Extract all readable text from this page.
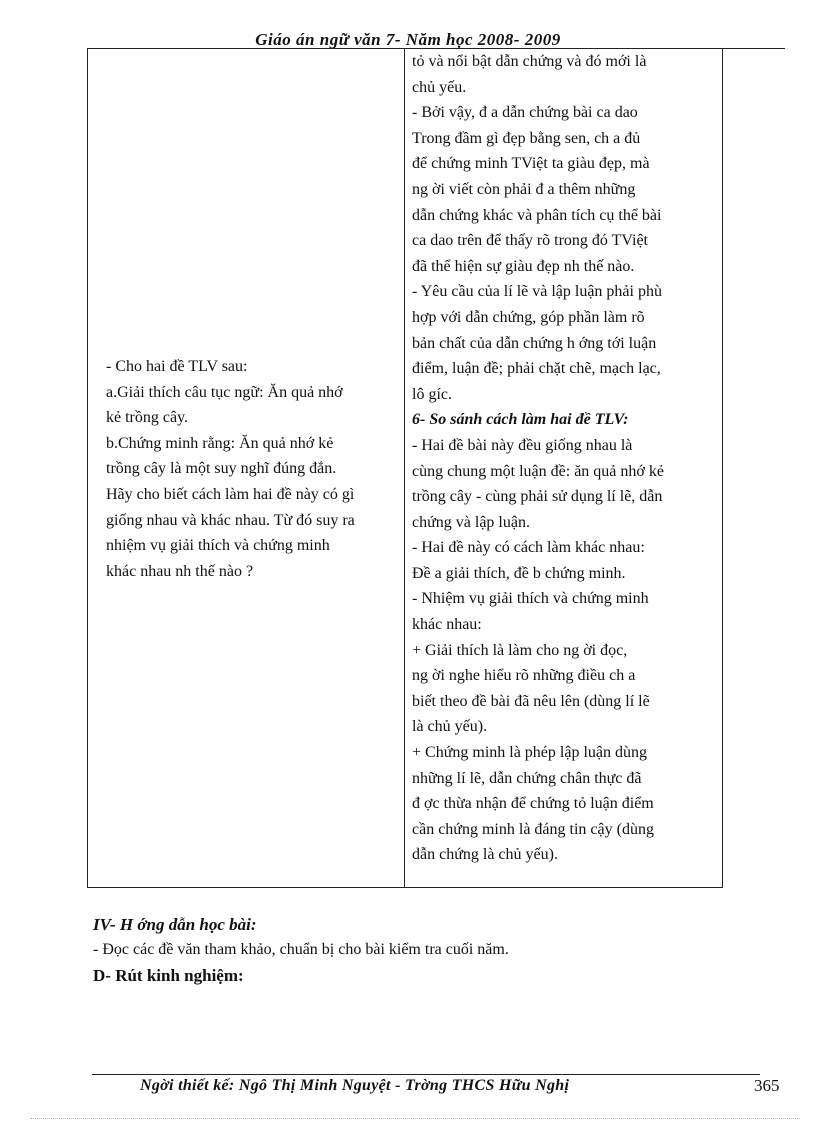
Giáo án ngữ văn 7- Năm học 2008- 2009
- Cho hai đề TLV sau:
a.Giải thích câu tục ngữ: Ăn quả nhớ
kẻ trồng cây.
b.Chứng minh rằng: Ăn quả nhớ kẻ
trồng cây là một suy nghĩ đúng đắn.
Hãy cho biết cách làm hai đề này có gì
giống nhau và khác nhau. Từ đó suy ra
nhiệm vụ giải thích và chứng minh
khác nhau nh thế nào ?
tỏ và nổi bật dẫn chứng và đó mới là
chủ yếu.
- Bởi vậy, đ a dẫn chứng bài ca dao
Trong đầm gì đẹp bằng sen, ch a đủ
để chứng minh TViệt ta giàu đẹp, mà
ng ời viết còn phải đ a thêm những
dẫn chứng khác và phân tích cụ thể bài
ca dao trên để thấy rõ trong đó TViệt
đã thể hiện sự giàu đẹp nh thế nào.
- Yêu cầu của lí lẽ và lập luận phải phù
hợp với dẫn chứng, góp phần làm rõ
bản chất của dẫn chứng h ớng tới luận
điểm, luận đề; phải chặt chẽ, mạch lạc,
lô gíc.
6- So sánh cách làm hai đề TLV:
- Hai đề bài này đều giống nhau là
cùng chung một luận đề: ăn quả nhớ kẻ
trồng cây - cùng phải sử dụng lí lẽ, dẫn
chứng và lập luận.
- Hai đề này có cách làm khác nhau:
Đề a giải thích, đề b chứng minh.
- Nhiệm vụ giải thích và chứng minh
khác nhau:
+ Giải thích là làm cho ng ời đọc,
ng ời nghe hiểu rõ những điều ch a
biết theo đề bài đã nêu lên (dùng lí lẽ
là chủ yếu).
+ Chứng minh là phép lập luận dùng
những lí lẽ, dẫn chứng chân thực đã
đ ợc thừa nhận để chứng tỏ luận điểm
cần chứng minh là đáng tin cậy (dùng
dẫn chứng là chủ yếu).
IV- H ớng dẫn học bài:
- Đọc các đề văn tham khảo, chuẩn bị cho bài kiểm tra cuối năm.
D- Rút kinh nghiệm:
Ngời thiết kế: Ngô Thị Minh Nguyệt - Trờng THCS Hữu Nghị	365
